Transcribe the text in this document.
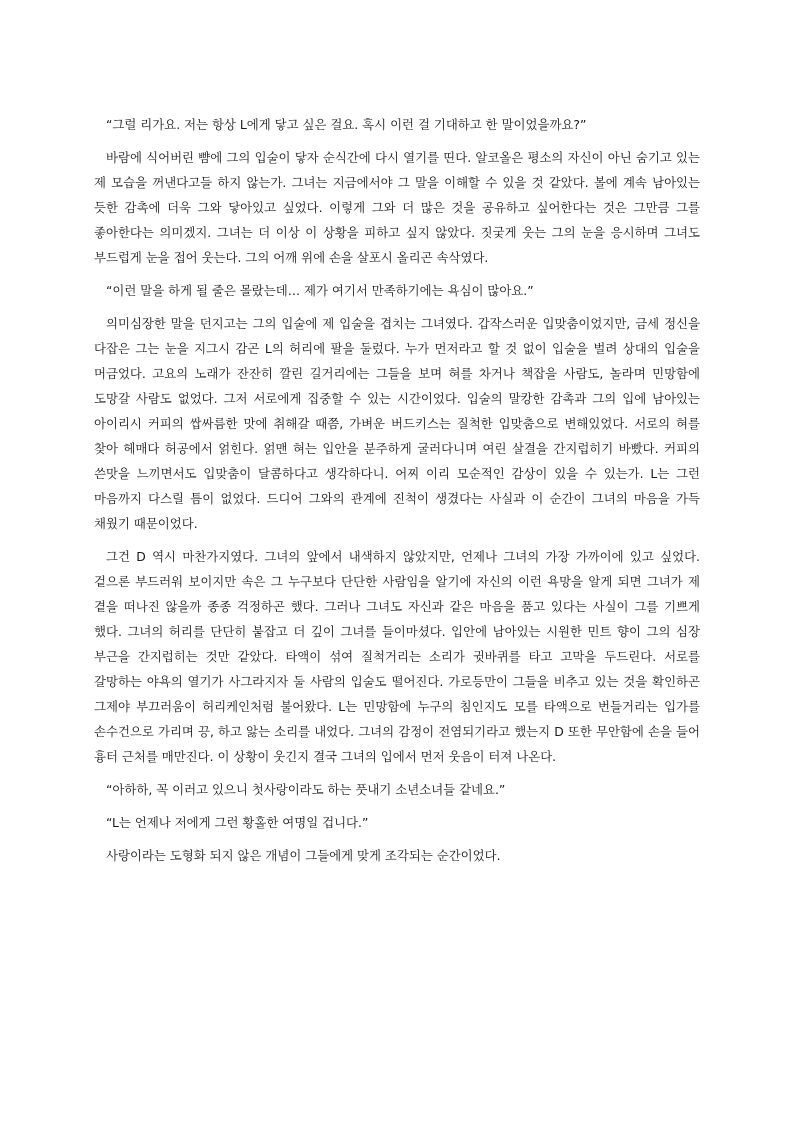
“그럴 리가요. 저는 항상 L에게 닿고 싶은 걸요. 혹시 이런 걸 기대하고 한 말이었을까요?”

바람에 식어버린 뺨에 그의 입술이 닿자 순식간에 다시 열기를 띤다. 알코올은 평소의 자신이 아닌 숨기고 있는 제 모습을 꺼낸다고들 하지 않는가. 그녀는 지금에서야 그 말을 이해할 수 있을 것 같았다. 볼에 계속 남아있는 듯한 감촉에 더욱 그와 닿아있고 싶었다. 이렇게 그와 더 많은 것을 공유하고 싶어한다는 것은 그만큼 그를 좋아한다는 의미겠지. 그녀는 더 이상 이 상황을 피하고 싶지 않았다. 짓궂게 웃는 그의 눈을 응시하며 그녀도 부드럽게 눈을 접어 웃는다. 그의 어깨 위에 손을 살포시 올리곤 속삭였다.

“이런 말을 하게 될 줄은 몰랐는데… 제가 여기서 만족하기에는 욕심이 많아요.”

의미심장한 말을 던지고는 그의 입술에 제 입술을 겹치는 그녀였다. 갑작스러운 입맞춤이었지만, 금세 정신을 다잡은 그는 눈을 지그시 감곤 L의 허리에 팔을 둘렀다. 누가 먼저라고 할 것 없이 입술을 벌려 상대의 입술을 머금었다. 고요의 노래가 잔잔히 깔린 길거리에는 그들을 보며 혀를 차거나 책잡을 사람도, 놀라며 민망함에 도망갈 사람도 없었다. 그저 서로에게 집중할 수 있는 시간이었다. 입술의 말캉한 감촉과 그의 입에 남아있는 아이리시 커피의 쌉싸름한 맛에 취해갈 때쯤, 가벼운 버드키스는 질척한 입맞춤으로 변해있었다. 서로의 혀를 찾아 헤매다 허공에서 얽힌다. 얽맨 혀는 입안을 분주하게 굴러다니며 여린 살결을 간지럽히기 바빴다. 커피의 쓴맛을 느끼면서도 입맞춤이 달콤하다고 생각하다니. 어찌 이리 모순적인 감상이 있을 수 있는가. L는 그런 마음까지 다스릴 틈이 없었다. 드디어 그와의 관계에 진척이 생겼다는 사실과 이 순간이 그녀의 마음을 가득 채웠기 때문이었다.

그건 D 역시 마찬가지였다. 그녀의 앞에서 내색하지 않았지만, 언제나 그녀의 가장 가까이에 있고 싶었다. 겉으론 부드러워 보이지만 속은 그 누구보다 단단한 사람임을 알기에 자신의 이런 욕망을 알게 되면 그녀가 제 곁을 떠나진 않을까 종종 걱정하곤 했다. 그러나 그녀도 자신과 같은 마음을 품고 있다는 사실이 그를 기쁘게 했다. 그녀의 허리를 단단히 붙잡고 더 깊이 그녀를 들이마셨다. 입안에 남아있는 시원한 민트 향이 그의 심장 부근을 간지럽히는 것만 같았다. 타액이 섞여 질척거리는 소리가 귓바퀴를 타고 고막을 두드린다. 서로를 갈망하는 야욕의 열기가 사그라지자 둘 사람의 입술도 떨어진다. 가로등만이 그들을 비추고 있는 것을 확인하곤 그제야 부끄러움이 허리케인처럼 불어왔다. L는 민망함에 누구의 침인지도 모를 타액으로 번들거리는 입가를 손수건으로 가리며 끙, 하고 앓는 소리를 내었다. 그녀의 감정이 전염되기라고 했는지 D 또한 무안함에 손을 들어 흉터 근처를 매만진다. 이 상황이 웃긴지 결국 그녀의 입에서 먼저 웃음이 터져 나온다.

“아하하, 꼭 이러고 있으니 첫사랑이라도 하는 풋내기 소년소녀들 같네요.”

“L는 언제나 저에게 그런 황홀한 여명일 겁니다.”

사랑이라는 도형화 되지 않은 개념이 그들에게 맞게 조각되는 순간이었다.
